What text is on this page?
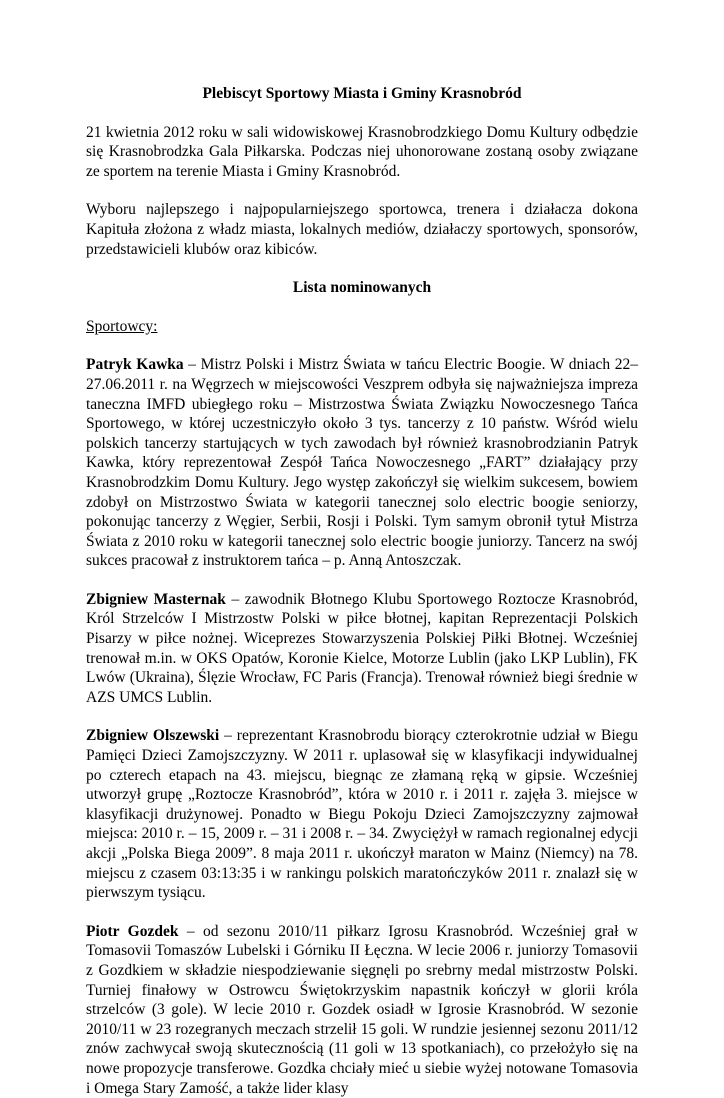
Plebiscyt Sportowy Miasta i Gminy Krasnobród

21 kwietnia 2012 roku w sali widowiskowej Krasnobrodzkiego Domu Kultury odbędzie się Krasnobrodzka Gala Piłkarska. Podczas niej uhonorowane zostaną osoby związane ze sportem na terenie Miasta i Gminy Krasnobród.

Wyboru najlepszego i najpopularniejszego sportowca, trenera i działacza dokona Kapituła złożona z władz miasta, lokalnych mediów, działaczy sportowych, sponsorów, przedstawicieli klubów oraz kibiców.

Lista nominowanych
Sportowcy:

Patryk Kawka – Mistrz Polski i Mistrz Świata w tańcu Electric Boogie. W dniach 22–27.06.2011 r. na Węgrzech w miejscowości Veszprem odbyła się najważniejsza impreza taneczna IMFD ubiegłego roku – Mistrzostwa Świata Związku Nowoczesnego Tańca Sportowego, w której uczestniczyło około 3 tys. tancerzy z 10 państw. Wśród wielu polskich tancerzy startujących w tych zawodach był również krasnobrodzianin Patryk Kawka, który reprezentował Zespół Tańca Nowoczesnego „FART” działający przy Krasnobrodzkim Domu Kultury. Jego występ zakończył się wielkim sukcesem, bowiem zdobył on Mistrzostwo Świata w kategorii tanecznej solo electric boogie seniorzy, pokonując tancerzy z Węgier, Serbii, Rosji i Polski. Tym samym obronił tytuł Mistrza Świata z 2010 roku w kategorii tanecznej solo electric boogie juniorzy. Tancerz na swój sukces pracował z instruktorem tańca – p. Anną Antoszczak.

Zbigniew Masternak – zawodnik Błotnego Klubu Sportowego Roztocze Krasnobród, Król Strzelców I Mistrzostw Polski w piłce błotnej, kapitan Reprezentacji Polskich Pisarzy w piłce nożnej. Wiceprezes Stowarzyszenia Polskiej Piłki Błotnej. Wcześniej trenował m.in. w OKS Opatów, Koronie Kielce, Motorze Lublin (jako LKP Lublin), FK Lwów (Ukraina), Ślęzie Wrocław, FC Paris (Francja). Trenował również biegi średnie w AZS UMCS Lublin.

Zbigniew Olszewski – reprezentant Krasnobrodu biorący czterokrotnie udział w Biegu Pamięci Dzieci Zamojszczyzny. W 2011 r. uplasował się w klasyfikacji indywidualnej po czterech etapach na 43. miejscu, biegnąc ze złamaną ręką w gipsie. Wcześniej utworzył grupę „Roztocze Krasnobród”, która w 2010 r. i 2011 r. zajęła 3. miejsce w klasyfikacji drużynowej. Ponadto w Biegu Pokoju Dzieci Zamojszczyzny zajmował miejsca: 2010 r. – 15, 2009 r. – 31 i 2008 r. – 34. Zwyciężył w ramach regionalnej edycji akcji „Polska Biega 2009”. 8 maja 2011 r. ukończył maraton w Mainz (Niemcy) na 78. miejscu z czasem 03:13:35 i w rankingu polskich maratończyków 2011 r. znalazł się w pierwszym tysiącu.

Piotr Gozdek – od sezonu 2010/11 piłkarz Igrosu Krasnobród. Wcześniej grał w Tomasovii Tomaszów Lubelski i Górniku II Łęczna. W lecie 2006 r. juniorzy Tomasovii z Gozdkiem w składzie niespodziewanie sięgnęli po srebrny medal mistrzostw Polski. Turniej finałowy w Ostrowcu Świętokrzyskim napastnik kończył w glorii króla strzelców (3 gole). W lecie 2010 r. Gozdek osiadł w Igrosie Krasnobród. W sezonie 2010/11 w 23 rozegranych meczach strzelił 15 goli. W rundzie jesiennej sezonu 2011/12 znów zachwycał swoją skutecznością (11 goli w 13 spotkaniach), co przełożyło się na nowe propozycje transferowe. Gozdka chciały mieć u siebie wyżej notowane Tomasovia i Omega Stary Zamość, a także lider klasy
